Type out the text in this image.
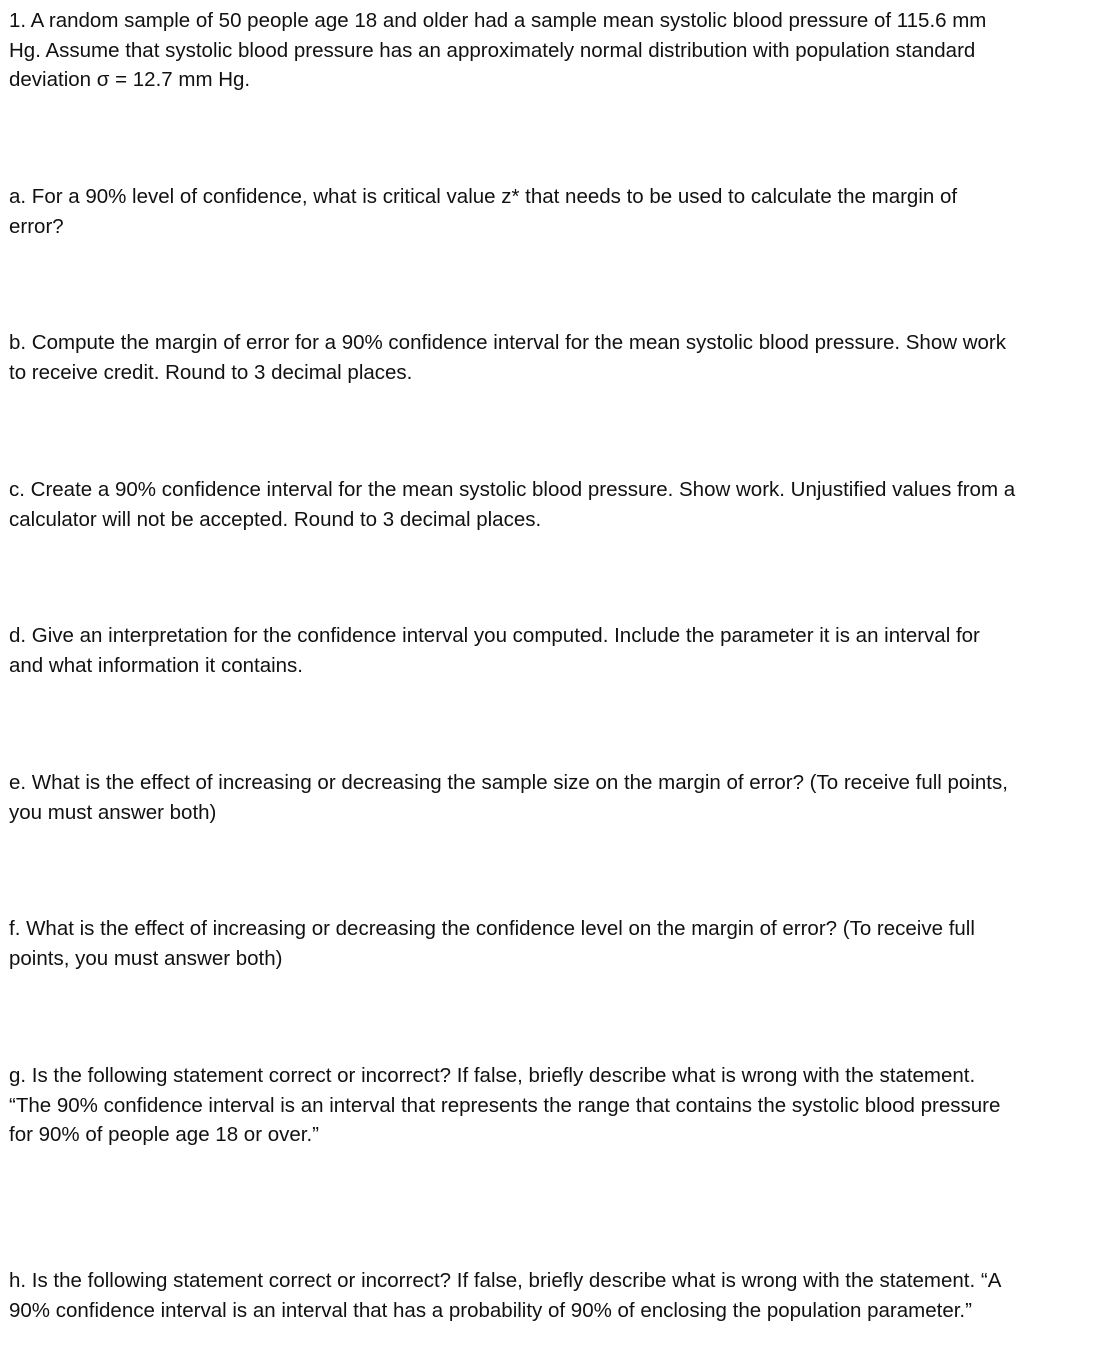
1. A random sample of 50 people age 18 and older had a sample mean systolic blood pressure of 115.6 mm
Hg. Assume that systolic blood pressure has an approximately normal distribution with population standard
deviation σ = 12.7 mm Hg.

a. For a 90% level of confidence, what is critical value z* that needs to be used to calculate the margin of
error?

b. Compute the margin of error for a 90% confidence interval for the mean systolic blood pressure. Show work
to receive credit. Round to 3 decimal places.

c. Create a 90% confidence interval for the mean systolic blood pressure. Show work. Unjustified values from a
calculator will not be accepted. Round to 3 decimal places.

d. Give an interpretation for the confidence interval you computed. Include the parameter it is an interval for
and what information it contains.

e. What is the effect of increasing or decreasing the sample size on the margin of error? (To receive full points,
you must answer both)

f. What is the effect of increasing or decreasing the confidence level on the margin of error? (To receive full
points, you must answer both)

g. Is the following statement correct or incorrect? If false, briefly describe what is wrong with the statement.
“The 90% confidence interval is an interval that represents the range that contains the systolic blood pressure
for 90% of people age 18 or over.”

h. Is the following statement correct or incorrect? If false, briefly describe what is wrong with the statement. “A
90% confidence interval is an interval that has a probability of 90% of enclosing the population parameter.”
